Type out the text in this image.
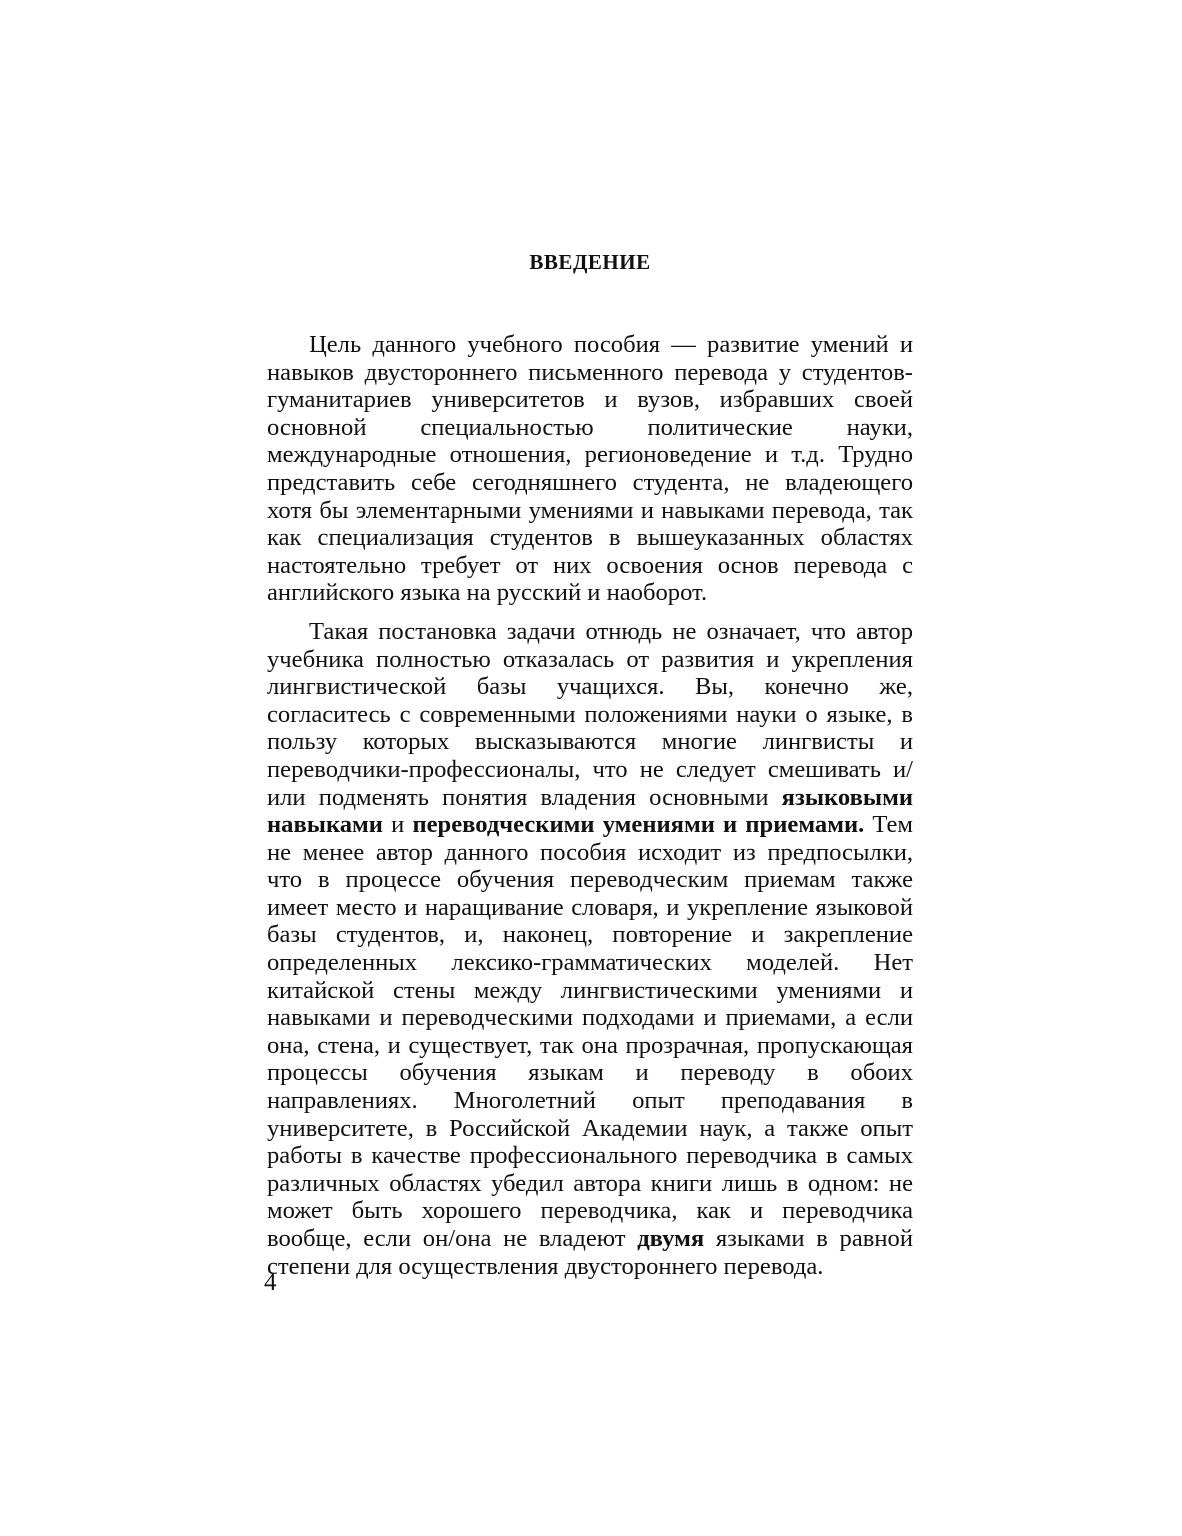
ВВЕДЕНИЕ

Цель данного учебного пособия — развитие умений и навыков двустороннего письменного перевода у студентов-гуманитариев университетов и вузов, избравших своей основной специальностью политические науки, международные отношения, регионоведение и т.д. Трудно представить себе сегодняшнего студента, не владеющего хотя бы элементарными умениями и навыками перевода, так как специализация студентов в вышеуказанных областях настоятельно требует от них освоения основ перевода с английского языка на русский и наоборот.

Такая постановка задачи отнюдь не означает, что автор учебника полностью отказалась от развития и укрепления лингвистической базы учащихся. Вы, конечно же, согласитесь с современными положениями науки о языке, в пользу которых высказываются многие лингвисты и переводчики-профессионалы, что не следует смешивать и/или подменять понятия владения основными языковыми навыками и переводческими умениями и приемами. Тем не менее автор данного пособия исходит из предпосылки, что в процессе обучения переводческим приемам также имеет место и наращивание словаря, и укрепление языковой базы студентов, и, наконец, повторение и закрепление определенных лексико-грамматических моделей. Нет китайской стены между лингвистическими умениями и навыками и переводческими подходами и приемами, а если она, стена, и существует, так она прозрачная, пропускающая процессы обучения языкам и переводу в обоих направлениях. Многолетний опыт преподавания в университете, в Российской Академии наук, а также опыт работы в качестве профессионального переводчика в самых различных областях убедил автора книги лишь в одном: не может быть хорошего переводчика, как и переводчика вообще, если он/она не владеют двумя языками в равной степени для осуществления двустороннего перевода.

4
